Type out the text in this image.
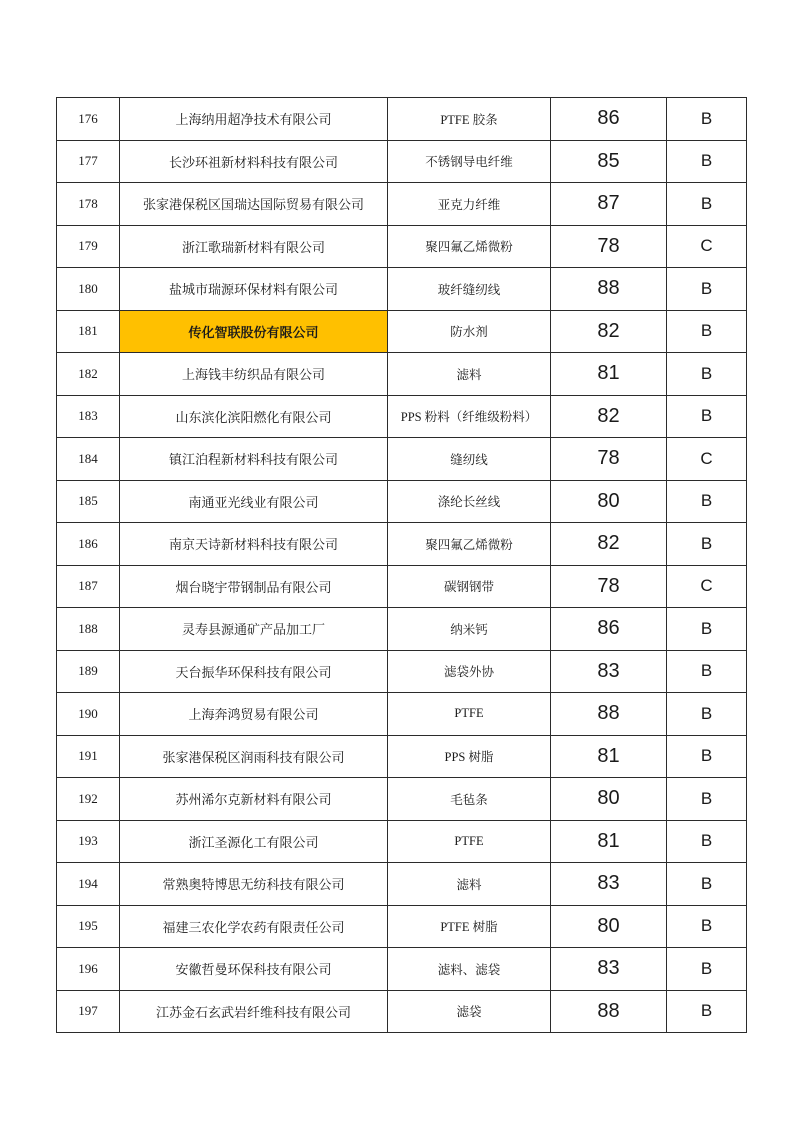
176	上海纳用超净技术有限公司	PTFE 胶条	86	B
177	长沙环祖新材料科技有限公司	不锈钢导电纤维	85	B
178	张家港保税区国瑞达国际贸易有限公司	亚克力纤维	87	B
179	浙江歌瑞新材料有限公司	聚四氟乙烯微粉	78	C
180	盐城市瑞源环保材料有限公司	玻纤缝纫线	88	B
181	传化智联股份有限公司	防水剂	82	B
182	上海钱丰纺织品有限公司	滤料	81	B
183	山东滨化滨阳燃化有限公司	PPS 粉料（纤维级粉料）	82	B
184	镇江泊程新材料科技有限公司	缝纫线	78	C
185	南通亚光线业有限公司	涤纶长丝线	80	B
186	南京天诗新材料科技有限公司	聚四氟乙烯微粉	82	B
187	烟台晓宇带钢制品有限公司	碳钢钢带	78	C
188	灵寿县源通矿产品加工厂	纳米钙	86	B
189	天台振华环保科技有限公司	滤袋外协	83	B
190	上海奔鸿贸易有限公司	PTFE	88	B
191	张家港保税区润雨科技有限公司	PPS 树脂	81	B
192	苏州浠尔克新材料有限公司	毛毡条	80	B
193	浙江圣源化工有限公司	PTFE	81	B
194	常熟奥特博思无纺科技有限公司	滤料	83	B
195	福建三农化学农药有限责任公司	PTFE 树脂	80	B
196	安徽哲曼环保科技有限公司	滤料、滤袋	83	B
197	江苏金石玄武岩纤维科技有限公司	滤袋	88	B
